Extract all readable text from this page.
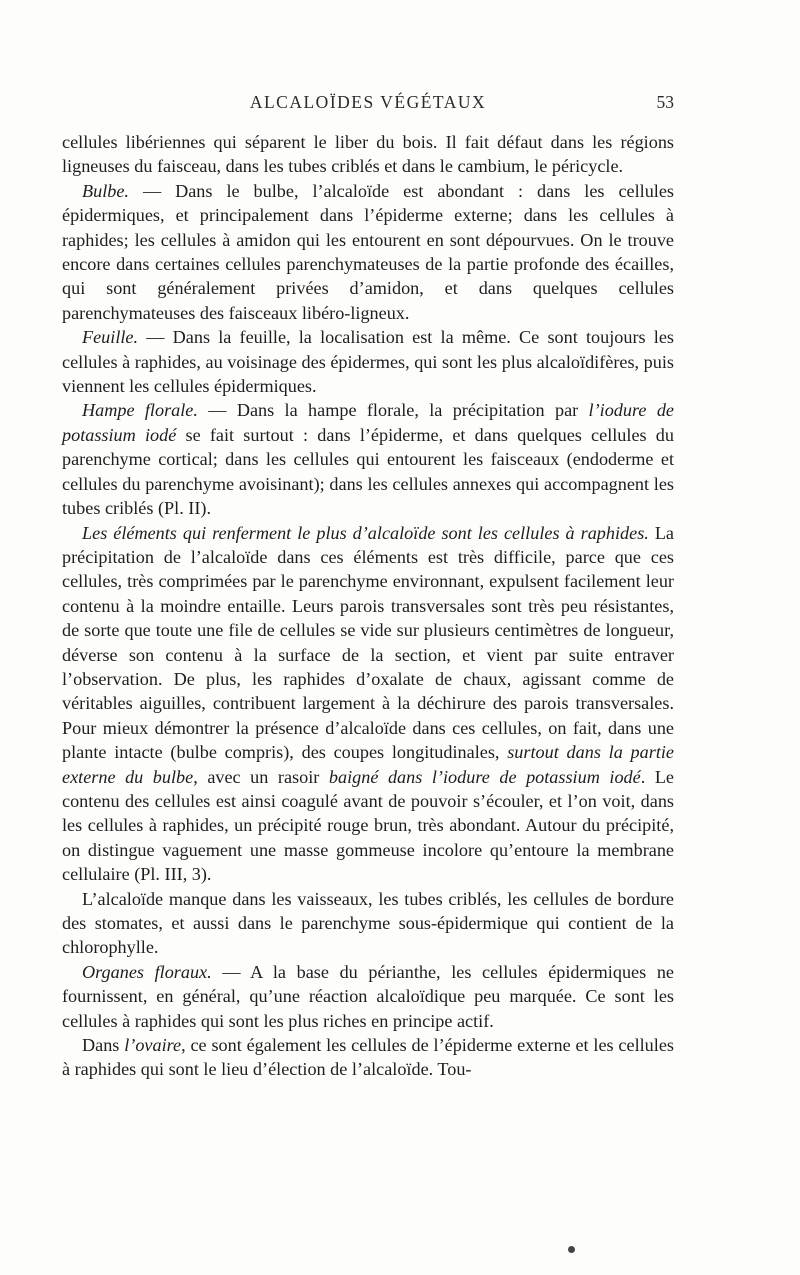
ALCALOÏDES VÉGÉTAUX	53

cellules libériennes qui séparent le liber du bois. Il fait défaut dans les régions ligneuses du faisceau, dans les tubes criblés et dans le cambium, le péricycle.

Bulbe. — Dans le bulbe, l’alcaloïde est abondant : dans les cellules épidermiques, et principalement dans l’épiderme externe; dans les cellules à raphides; les cellules à amidon qui les entourent en sont dépourvues. On le trouve encore dans certaines cellules parenchymateuses de la partie profonde des écailles, qui sont généralement privées d’amidon, et dans quelques cellules parenchymateuses des faisceaux libéro-ligneux.

Feuille. — Dans la feuille, la localisation est la même. Ce sont toujours les cellules à raphides, au voisinage des épidermes, qui sont les plus alcaloïdifères, puis viennent les cellules épidermiques.

Hampe florale. — Dans la hampe florale, la précipitation par l’iodure de potassium iodé se fait surtout : dans l’épiderme, et dans quelques cellules du parenchyme cortical; dans les cellules qui entourent les faisceaux (endoderme et cellules du parenchyme avoisinant); dans les cellules annexes qui accompagnent les tubes criblés (Pl. II).

Les éléments qui renferment le plus d’alcaloïde sont les cellules à raphides. La précipitation de l’alcaloïde dans ces éléments est très difficile, parce que ces cellules, très comprimées par le parenchyme environnant, expulsent facilement leur contenu à la moindre entaille. Leurs parois transversales sont très peu résistantes, de sorte que toute une file de cellules se vide sur plusieurs centimètres de longueur, déverse son contenu à la surface de la section, et vient par suite entraver l’observation. De plus, les raphides d’oxalate de chaux, agissant comme de véritables aiguilles, contribuent largement à la déchirure des parois transversales. Pour mieux démontrer la présence d’alcaloïde dans ces cellules, on fait, dans une plante intacte (bulbe compris), des coupes longitudinales, surtout dans la partie externe du bulbe, avec un rasoir baigné dans l’iodure de potassium iodé. Le contenu des cellules est ainsi coagulé avant de pouvoir s’écouler, et l’on voit, dans les cellules à raphides, un précipité rouge brun, très abondant. Autour du précipité, on distingue vaguement une masse gommeuse incolore qu’entoure la membrane cellulaire (Pl. III, 3).

L’alcaloïde manque dans les vaisseaux, les tubes criblés, les cellules de bordure des stomates, et aussi dans le parenchyme sous-épidermique qui contient de la chlorophylle.

Organes floraux. — A la base du périanthe, les cellules épidermiques ne fournissent, en général, qu’une réaction alcaloïdique peu marquée. Ce sont les cellules à raphides qui sont les plus riches en principe actif.

Dans l’ovaire, ce sont également les cellules de l’épiderme externe et les cellules à raphides qui sont le lieu d’élection de l’alcaloïde. Tou-
